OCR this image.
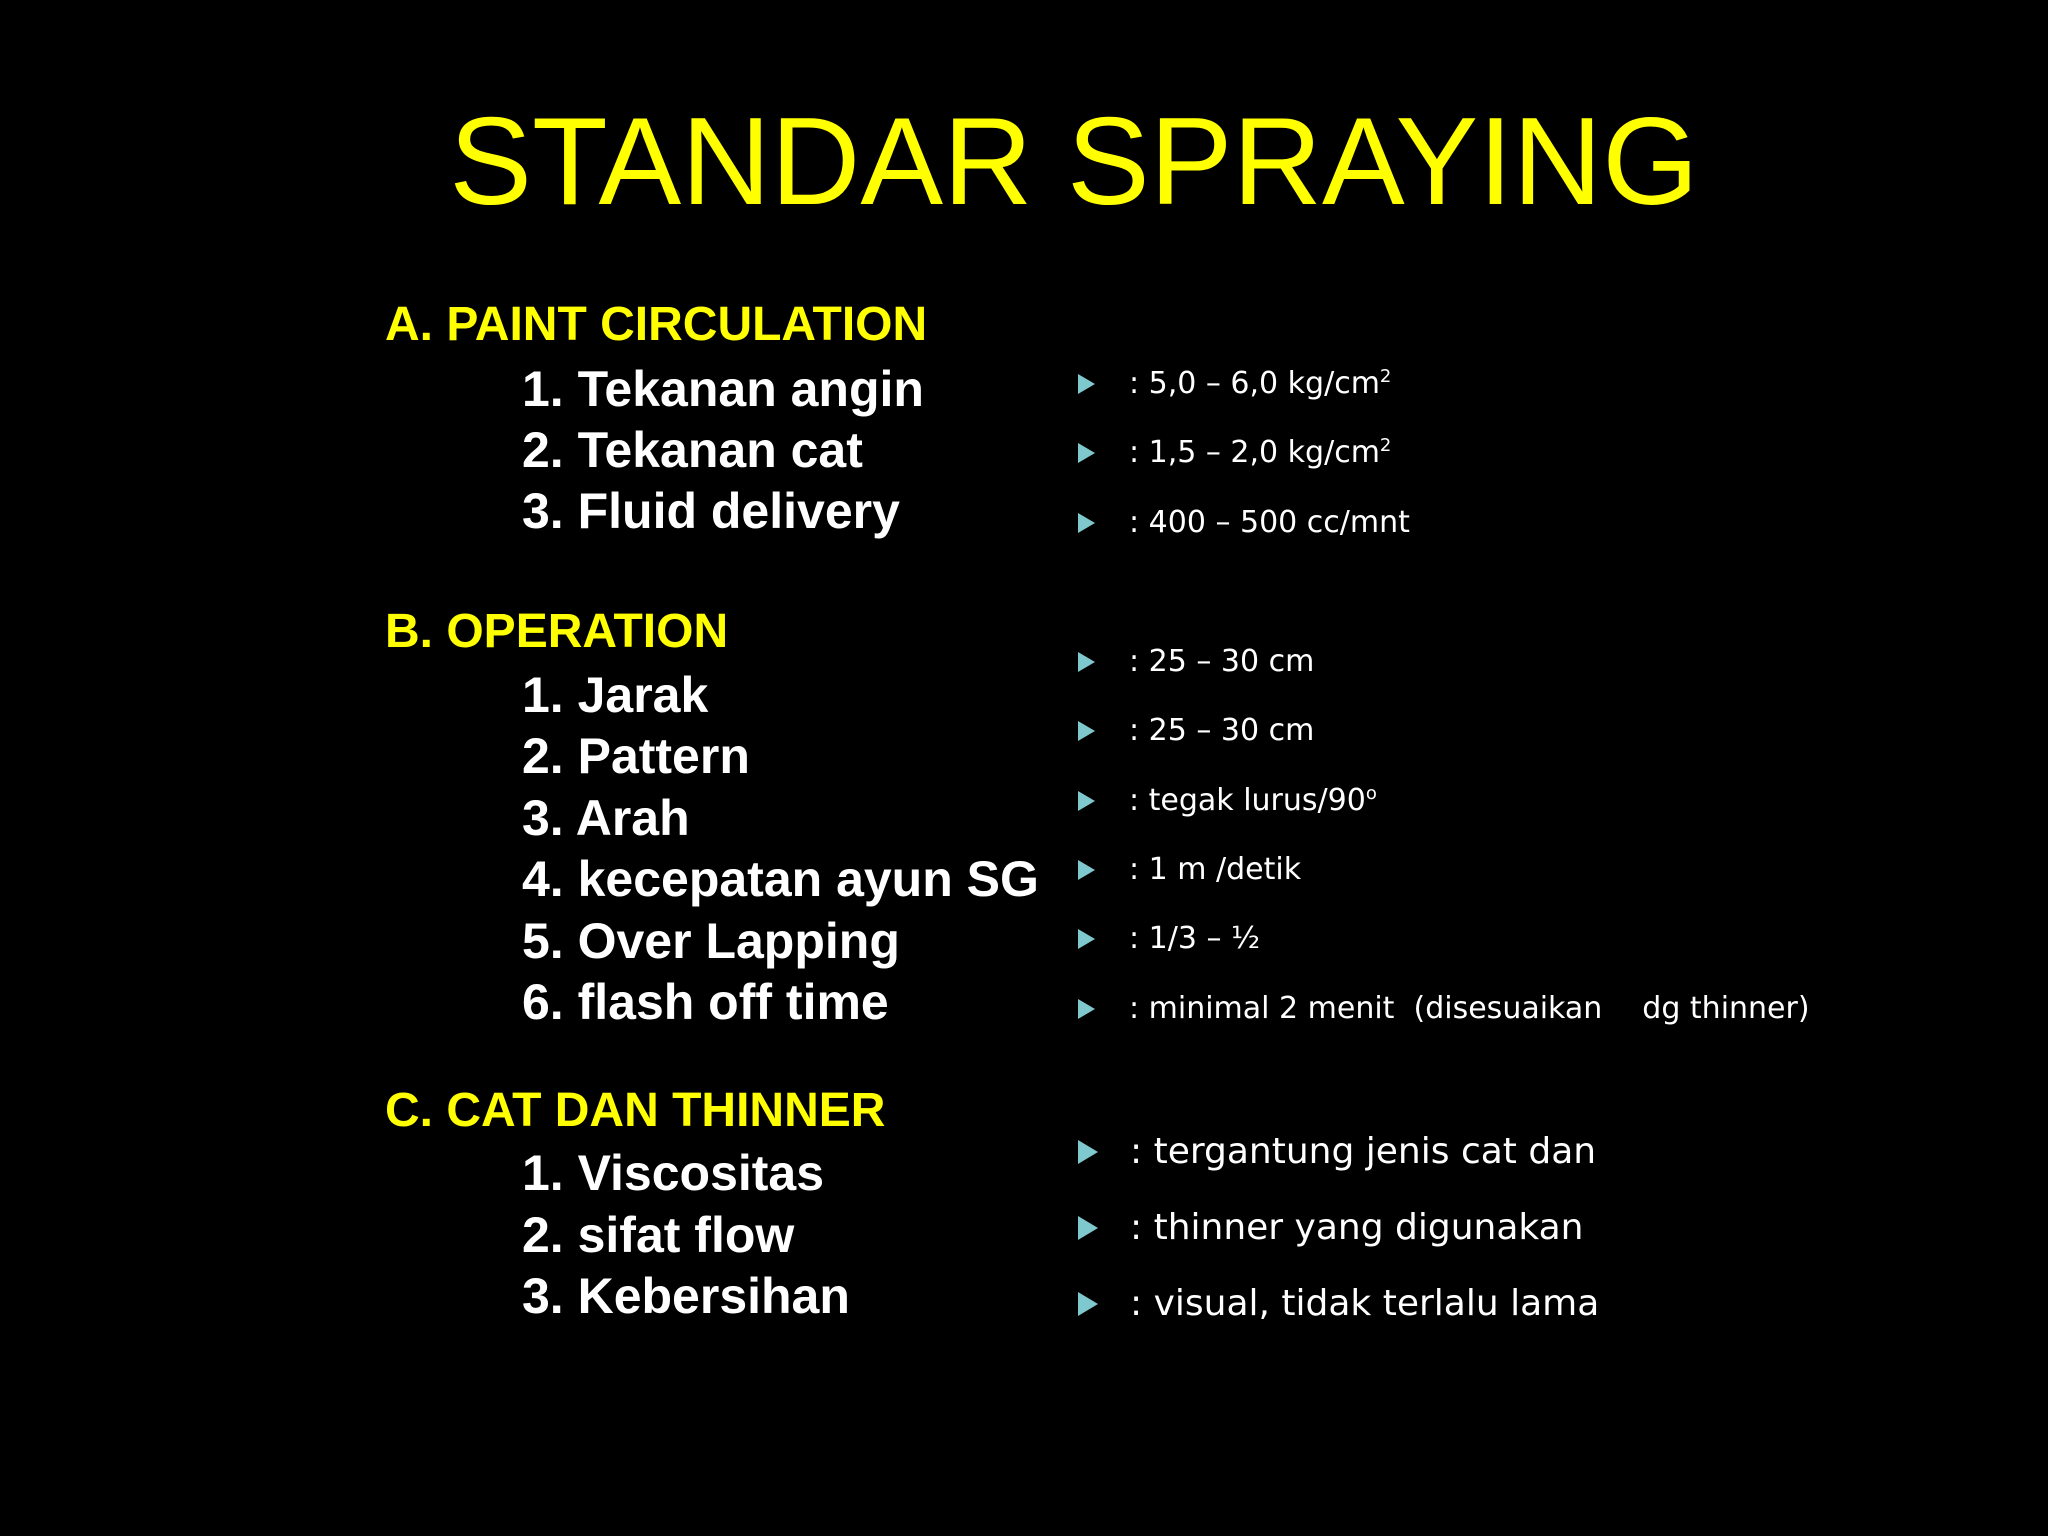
STANDAR SPRAYING
A. PAINT CIRCULATION
1. Tekanan angin
2. Tekanan cat
3. Fluid delivery
: 5,0 – 6,0 $kg/cm^2$
: 1,5 – 2,0 $kg/cm^2$
: 400 – 500 cc/mnt
B. OPERATION
1. Jarak
2. Pattern
3. Arah
4. kecepatan ayun SG
5. Over Lapping
6. flash off time
: 25 – 30 cm
: 25 – 30 cm
: tegak lurus/90$^o$
: 1 m /detik
: 1/3 – ½
: minimal 2 menit  (disesuaikan dg thinner)
C. CAT DAN THINNER
1. Viscositas
2. sifat flow
3. Kebersihan
: tergantung jenis cat dan
: thinner yang digunakan
: visual, tidak terlalu lama
